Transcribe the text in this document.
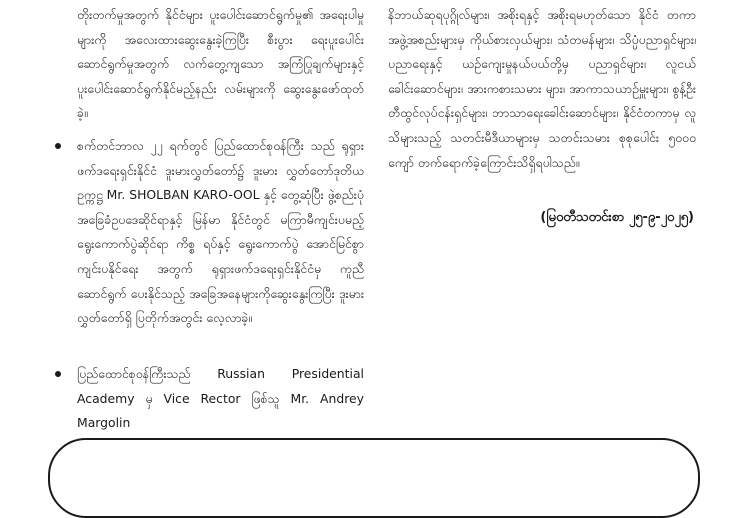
တိုးတက်မှုအတွက် နိုင်ငံများ ပူးပေါင်းဆောင်ရွက်မှု၏ အရေးပါမှုများကို အလေးထားဆွေးနွေးခဲ့ကြပြီး စီးပွား ရေးပူးပေါင်းဆောင်ရွက်မှုအတွက် လက်တွေ့ကျသော အကြံပြုချက်များနှင့် ပူးပေါင်းဆောင်ရွက်နိုင်မည့်နည်း လမ်းများကို ဆွေးနွေးဖော်ထုတ်ခဲ့။

စက်တင်ဘာလ ၂၂ ရက်တွင် ပြည်ထောင်စုဝန်ကြီး သည် ရုရှားဖက်ဒရေးရှင်းနိုင်ငံ ဒူးမားလွှတ်တော်၌ ဒူးမား လွှတ်တော်ဒုတိယဥက္ကဋ္ဌ Mr. SHOLBAN KARO-OOL နှင့် တွေ့ဆုံပြီး ဖွဲ့စည်းပုံအခြေခံဥပဒေဆိုင်ရာနှင့် မြန်မာ နိုင်ငံတွင် မကြာမီကျင်းပမည့် ရွေးကောက်ပွဲဆိုင်ရာ ကိစ္စ ရပ်နှင့် ရွေးကောက်ပွဲ အောင်မြင်စွာ ကျင်းပနိုင်ရေး အတွက် ရုရှားဖက်ဒရေးရှင်းနိုင်ငံမှ ကူညီဆောင်ရွက် ပေးနိုင်သည့် အခြေအနေများကိုဆွေးနွေးကြပြီး ဒူးမား လွှတ်တော်ရှိ ပြတိုက်အတွင်း လေ့လာခဲ့။

ပြည်ထောင်စုဝန်ကြီးသည် Russian Presidential Academy မှ Vice Rector ဖြစ်သူ Mr. Andrey Margolin

နိဘာယ်ဆုရပုဂ္ဂိုလ်များ၊ အစိုးရနှင့် အစိုးရမဟုတ်သော နိုင်ငံ တကာအဖွဲ့အစည်းများမှ ကိုယ်စားလှယ်များ၊ သံတမန်များ၊ သိပ္ပံပညာရှင်များ၊ ပညာရေးနှင့် ယဉ်ကျေးမှုနယ်ပယ်တို့မှ ပညာရှင်များ၊ လူငယ်ခေါင်းဆောင်များ၊ အားကစားသမား များ၊ အာကာသယာဉ်မှူးများ၊ စွန့်ဦးတီထွင်လုပ်ငန်းရှင်များ၊ ဘာသာရေးခေါင်းဆောင်များ၊ နိုင်ငံတကာမှ လူသိများသည့် သတင်းမီဒီယာများမှ သတင်းသမား စုစုပေါင်း ၅၀၀၀ ကျော် တက်ရောက်ခဲ့ကြောင်းသိရှိရပါသည်။

(မြဝတီသတင်းစာ ၂၅-၉-၂၀၂၅)
